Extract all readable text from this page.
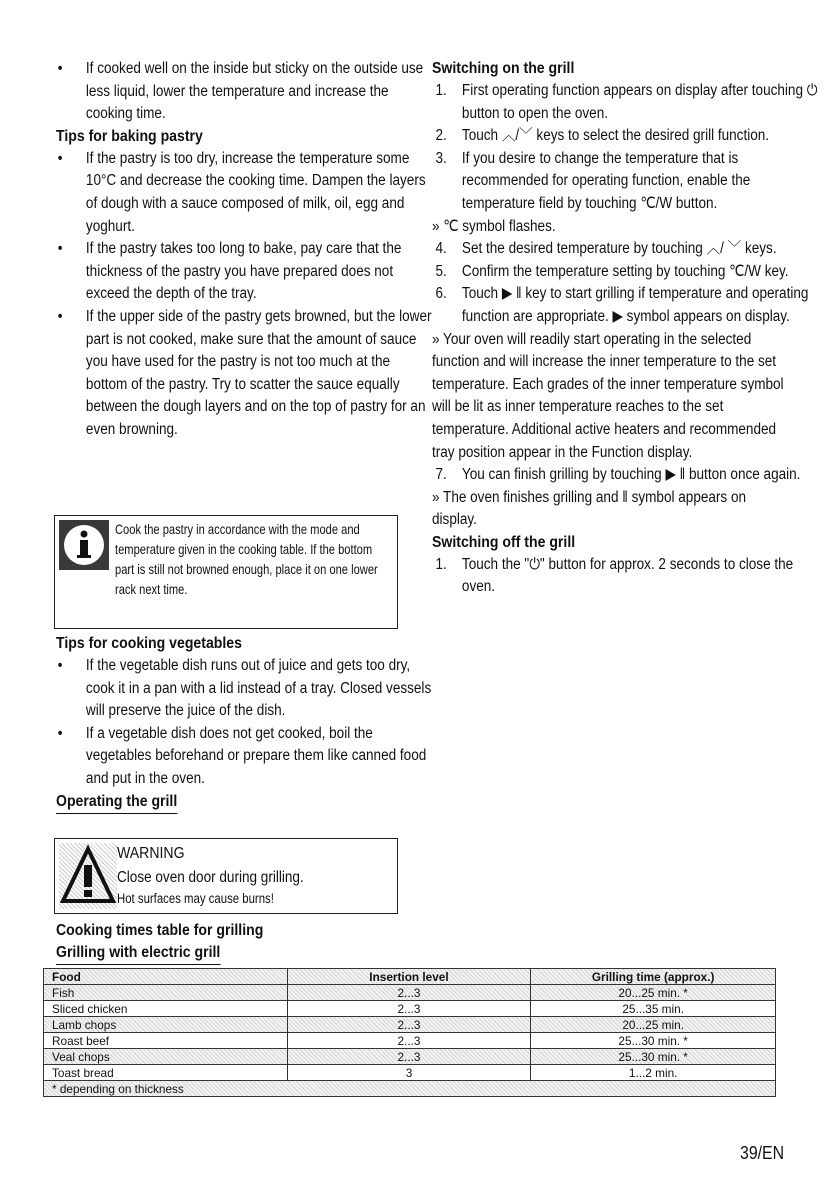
• If cooked well on the inside but sticky on the outside use less liquid, lower the temperature and increase the cooking time.
Tips for baking pastry
• If the pastry is too dry, increase the temperature some 10°C and decrease the cooking time. Dampen the layers of dough with a sauce composed of milk, oil, egg and yoghurt.
• If the pastry takes too long to bake, pay care that the thickness of the pastry you have prepared does not exceed the depth of the tray.
• If the upper side of the pastry gets browned, but the lower part is not cooked, make sure that the amount of sauce you have used for the pastry is not too much at the bottom of the pastry. Try to scatter the sauce equally between the dough layers and on the top of pastry for an even browning.
Cook the pastry in accordance with the mode and temperature given in the cooking table. If the bottom part is still not browned enough, place it on one lower rack next time.
Tips for cooking vegetables
• If the vegetable dish runs out of juice and gets too dry, cook it in a pan with a lid instead of a tray. Closed vessels will preserve the juice of the dish.
• If a vegetable dish does not get cooked, boil the vegetables beforehand or prepare them like canned food and put in the oven.
Operating the grill
WARNING
Close oven door during grilling.
Hot surfaces may cause burns!
Cooking times table for grilling
Grilling with electric grill
Switching on the grill
1. First operating function appears on display after touching ⏻ button to open the oven.
2. Touch ︿/﹀ keys to select the desired grill function.
3. If you desire to change the temperature that is recommended for operating function, enable the temperature field by touching ℃/W button.
» ℃ symbol flashes.
4. Set the desired temperature by touching ︿/ ﹀ keys.
5. Confirm the temperature setting by touching ℃/W key.
6. Touch ▶ ‖ key to start grilling if temperature and operating function are appropriate. ▶ symbol appears on display.
» Your oven will readily start operating in the selected function and will increase the inner temperature to the set temperature. Each grades of the inner temperature symbol will be lit as inner temperature reaches to the set temperature. Additional active heaters and recommended tray position appear in the Function display.
7. You can finish grilling by touching ▶ ‖ button once again.
» The oven finishes grilling and ‖ symbol appears on display.
Switching off the grill
1. Touch the "⏻" button for approx. 2 seconds to close the oven.
Food	Insertion level	Grilling time (approx.)
Fish	2...3	20...25 min. *
Sliced chicken	2...3	25...35 min.
Lamb chops	2...3	20...25 min.
Roast beef	2...3	25...30 min. *
Veal chops	2...3	25...30 min. *
Toast bread	3	1...2 min.
* depending on thickness		
39/EN
